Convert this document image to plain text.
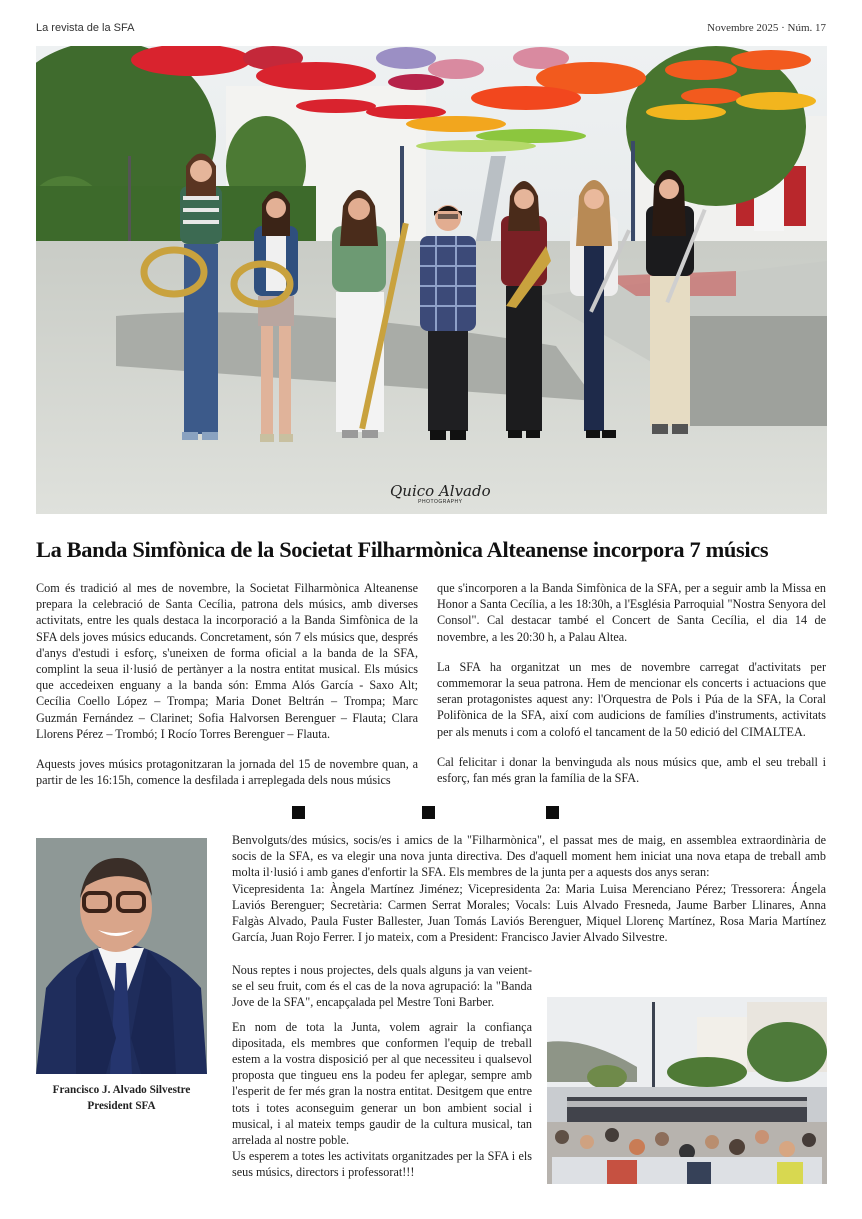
La revista de la SFA	Novembre 2025 · Núm. 17
Quico Alvado
PHOTOGRAPHY
La Banda Simfònica de la Societat Filharmònica Alteanense incorpora 7 músics

Com és tradició al mes de novembre, la Societat Filharmònica Alteanense prepara la celebració de Santa Cecília, patrona dels músics, amb diverses activitats, entre les quals destaca la incorporació a la Banda Simfònica de la SFA dels joves músics educands. Concretament, són 7 els músics que, després d'anys d'estudi i esforç, s'uneixen de forma oficial a la banda de la SFA, complint la seua il·lusió de pertànyer a la nostra entitat musical. Els músics que accedeixen enguany a la banda són: Emma Alós García - Saxo Alt; Cecília Coello López – Trompa; Maria Donet Beltrán – Trompa; Marc Guzmán Fernández – Clarinet; Sofia Halvorsen Berenguer – Flauta; Clara Llorens Pérez – Trombó; I Rocío Torres Berenguer – Flauta.

Aquests joves músics protagonitzaran la jornada del 15 de novembre quan, a partir de les 16:15h, comence la desfilada i arreplegada dels nous músics

que s'incorporen a la Banda Simfònica de la SFA, per a seguir amb la Missa en Honor a Santa Cecília, a les 18:30h, a l'Església Parroquial "Nostra Senyora del Consol". Cal destacar també el Concert de Santa Cecília, el dia 14 de novembre, a les 20:30 h, a Palau Altea.

La SFA ha organitzat un mes de novembre carregat d'activitats per commemorar la seua patrona. Hem de mencionar els concerts i actuacions que seran protagonistes aquest any: l'Orquestra de Pols i Púa de la SFA, la Coral Polifònica de la SFA, així com audicions de famílies d'instruments, activitats per als menuts i com a colofó el tancament de la 50 edició del CIMALTEA.

Cal felicitar i donar la benvinguda als nous músics que, amb el seu treball i esforç, fan més gran la família de la SFA.

Francisco J. Alvado Silvestre
President SFA
Benvolguts/des músics, socis/es i amics de la "Filharmònica", el passat mes de maig, en assemblea extraordinària de socis de la SFA, es va elegir una nova junta directiva. Des d'aquell moment hem iniciat una nova etapa de treball amb molta il·lusió i amb ganes d'enfortir la SFA. Els membres de la junta per a aquests dos anys seran:
Vicepresidenta 1a: Àngela Martínez Jiménez; Vicepresidenta 2a: Maria Luisa Merenciano Pérez; Tressorera: Ángela Laviós Berenguer; Secretària: Carmen Serrat Morales; Vocals: Luis Alvado Fresneda, Jaume Barber Llinares, Anna Falgàs Alvado, Paula Fuster Ballester, Juan Tomás Laviós Berenguer, Miquel Llorenç Martínez, Rosa Maria Martínez García, Juan Rojo Ferrer. I jo mateix, com a President: Francisco Javier Alvado Silvestre.

Nous reptes i nous projectes, dels quals alguns ja van veient-se el seu fruit, com és el cas de la nova agrupació: la "Banda Jove de la SFA", encapçalada pel Mestre Toni Barber.

En nom de tota la Junta, volem agrair la confiança dipositada, els membres que conformen l'equip de treball estem a la vostra disposició per al que necessiteu i qualsevol proposta que tingueu ens la podeu fer aplegar, sempre amb l'esperit de fer més gran la nostra entitat. Desitgem que entre tots i totes aconseguim generar un bon ambient social i musical, i al mateix temps gaudir de la cultura musical, tan arrelada al nostre poble.

Us esperem a totes les activitats organitzades per la SFA i els seus músics, directors i professorat!!!
